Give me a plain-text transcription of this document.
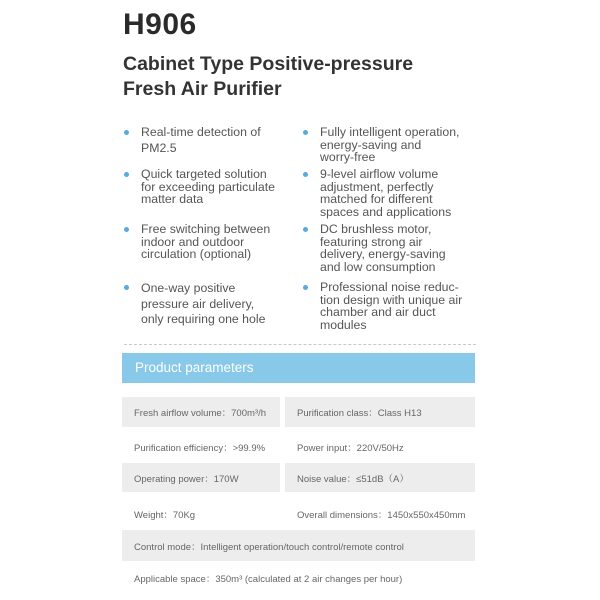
H906
Cabinet Type Positive-pressure
Fresh Air Purifier
Real-time detection of
PM2.5
Quick targeted solution
for exceeding particulate
matter data
Free switching between
indoor and outdoor
circulation (optional)
One-way positive
pressure air delivery,
only requiring one hole
Fully intelligent operation,
energy-saving and
worry-free
9-level airflow volume
adjustment, perfectly
matched for different
spaces and applications
DC brushless motor,
featuring strong air
delivery, energy-saving
and low consumption
Professional noise reduc-
tion design with unique air
chamber and air duct
modules
Product parameters
Fresh airflow volume：700m³/h	Purification class：Class H13
Purification efficiency：>99.9%	Power input：220V/50Hz
Operating power：170W	Noise value：≤51dB（A）
Weight：70Kg	Overall dimensions：1450x550x450mm
Control mode：Intelligent operation/touch control/remote control
Applicable space：350m³ (calculated at 2 air changes per hour)
